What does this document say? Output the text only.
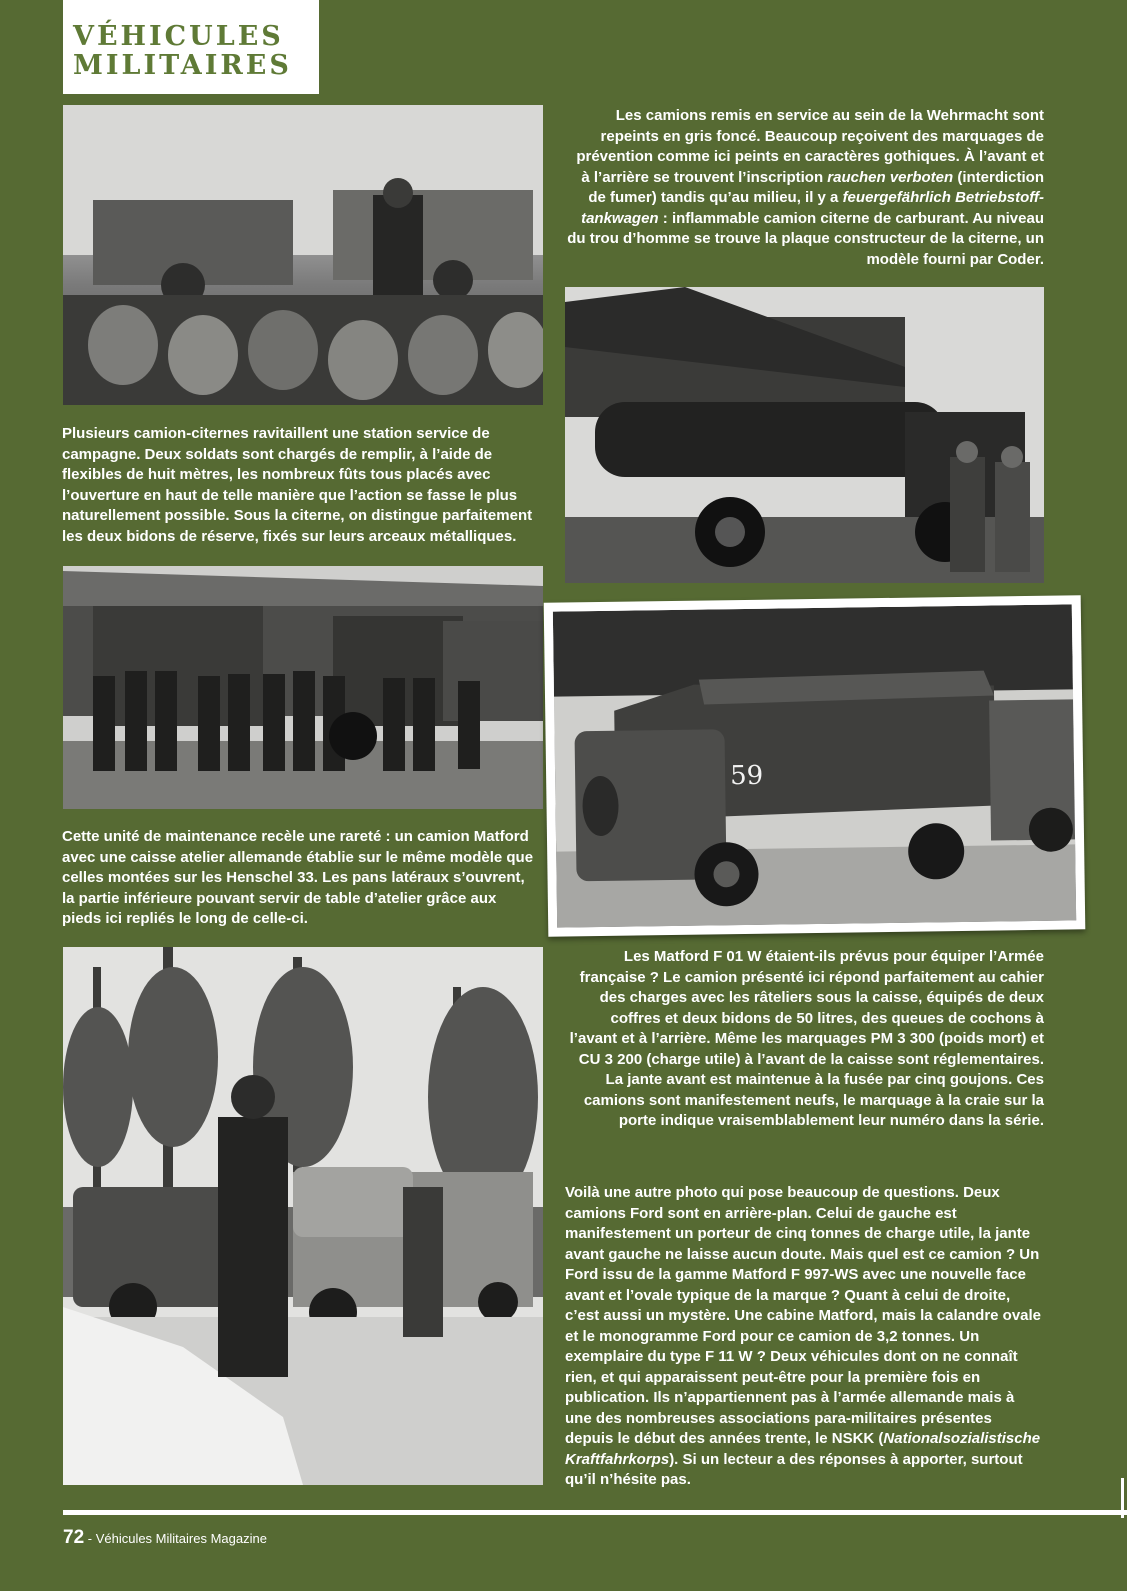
VÉHICULES
MILITAIRES

Les camions remis en service au sein de la Wehrmacht sont repeints en gris foncé. Beaucoup reçoivent des marquages de prévention comme ici peints en caractères gothiques. À l’avant et à l’arrière se trouvent l’inscription rauchen verboten (interdiction de fumer) tandis qu’au milieu, il y a feuergefährlich Betriebstoff-tankwagen : inflammable camion citerne de carburant. Au niveau du trou d’homme se trouve la plaque constructeur de la citerne, un modèle fourni par Coder.

Plusieurs camion-citernes ravitaillent une station service de campagne. Deux soldats sont chargés de remplir, à l’aide de flexibles de huit mètres, les nombreux fûts tous placés avec l’ouverture en haut de telle manière que l’action se fasse le plus naturellement possible. Sous la citerne, on distingue parfaitement les deux bidons de réserve, fixés sur leurs arceaux métalliques.

59

Cette unité de maintenance recèle une rareté : un camion Matford avec une caisse atelier allemande établie sur le même modèle que celles montées sur les Henschel 33. Les pans latéraux s’ouvrent, la partie inférieure pouvant servir de table d’atelier grâce aux pieds ici repliés le long de celle-ci.

Les Matford F 01 W étaient-ils prévus pour équiper l’Armée française ? Le camion présenté ici répond parfaitement au cahier des charges avec les râteliers sous la caisse, équipés de deux coffres et deux bidons de 50 litres, des queues de cochons à l’avant et à l’arrière. Même les marquages PM 3 300 (poids mort) et CU 3 200 (charge utile) à l’avant de la caisse sont réglementaires. La jante avant est maintenue à la fusée par cinq goujons. Ces camions sont manifestement neufs, le marquage à la craie sur la porte indique vraisemblablement leur numéro dans la série.

Voilà une autre photo qui pose beaucoup de questions. Deux camions Ford sont en arrière-plan. Celui de gauche est manifestement un porteur de cinq tonnes de charge utile, la jante avant gauche ne laisse aucun doute. Mais quel est ce camion ? Un Ford issu de la gamme Matford F 997-WS avec une nouvelle face avant et l’ovale typique de la marque ? Quant à celui de droite, c’est aussi un mystère. Une cabine Matford, mais la calandre ovale et le monogramme Ford pour ce camion de 3,2 tonnes. Un exemplaire du type F 11 W ? Deux véhicules dont on ne connaît rien, et qui apparaissent peut-être pour la première fois en publication. Ils n’appartiennent pas à l’armée allemande mais à une des nombreuses associations para-militaires présentes depuis le début des années trente, le NSKK (Nationalsozialistische Kraftfahrkorps). Si un lecteur a des réponses à apporter, surtout qu’il n’hésite pas.

72 - Véhicules Militaires Magazine
